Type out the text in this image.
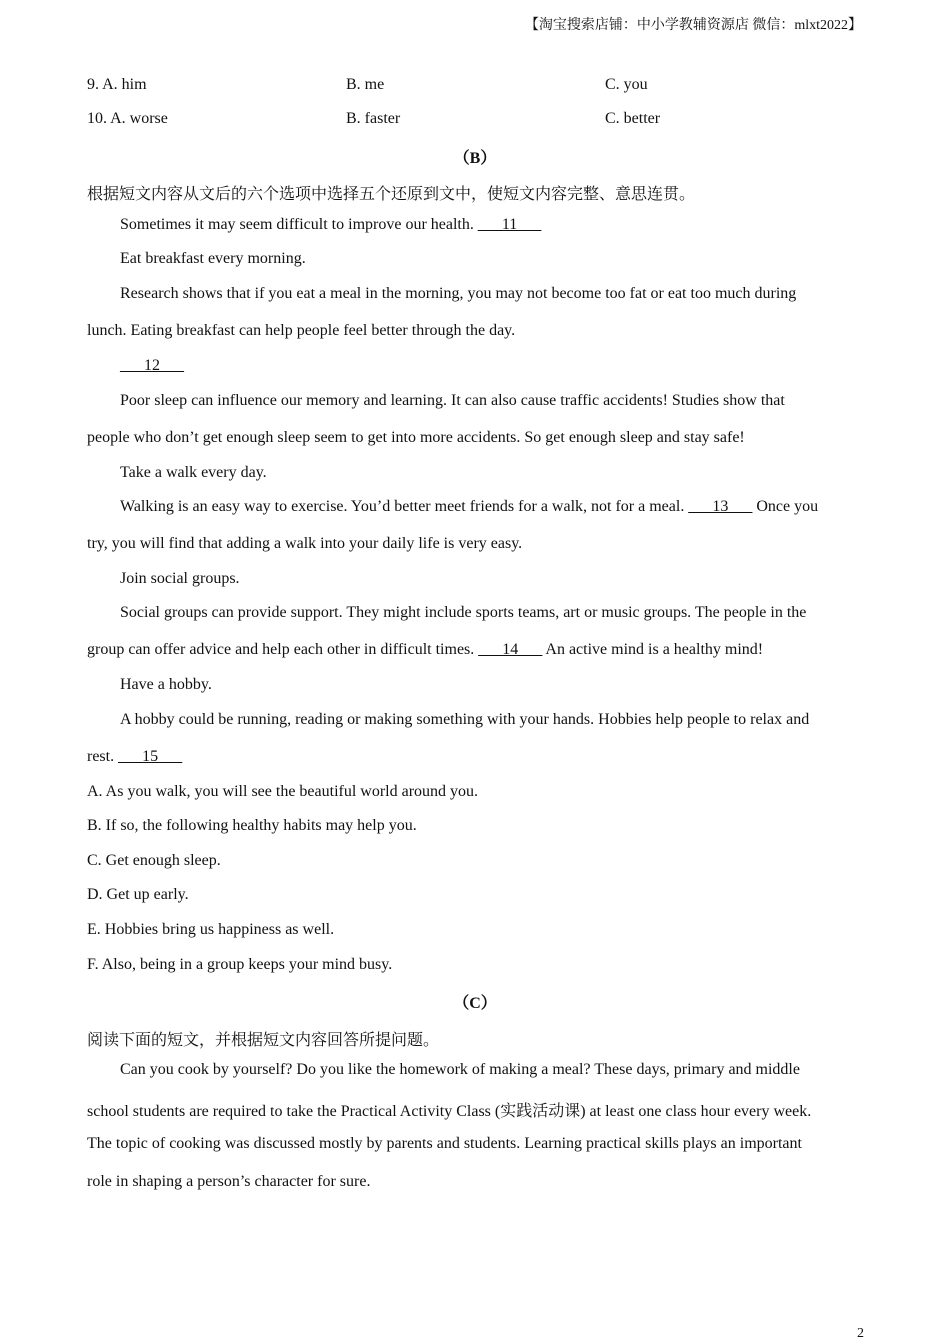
【淘宝搜索店铺：中小学教辅资源店 微信：mlxt2022】
9. A. him	B. me	C. you
10. A. worse	B. faster	C. better
（B）
根据短文内容从文后的六个选项中选择五个还原到文中，使短文内容完整、意思连贯。
Sometimes it may seem difficult to improve our health. ___11___
Eat breakfast every morning.
Research shows that if you eat a meal in the morning, you may not become too fat or eat too much during
lunch. Eating breakfast can help people feel better through the day.
___12___
Poor sleep can influence our memory and learning. It can also cause traffic accidents! Studies show that
people who don’t get enough sleep seem to get into more accidents. So get enough sleep and stay safe!
Take a walk every day.
Walking is an easy way to exercise. You’d better meet friends for a walk, not for a meal. ___13___ Once you
try, you will find that adding a walk into your daily life is very easy.
Join social groups.
Social groups can provide support. They might include sports teams, art or music groups. The people in the
group can offer advice and help each other in difficult times. ___14___ An active mind is a healthy mind!
Have a hobby.
A hobby could be running, reading or making something with your hands. Hobbies help people to relax and
rest. ___15___
A. As you walk, you will see the beautiful world around you.
B. If so, the following healthy habits may help you.
C. Get enough sleep.
D. Get up early.
E. Hobbies bring us happiness as well.
F. Also, being in a group keeps your mind busy.
（C）
阅读下面的短文，并根据短文内容回答所提问题。
Can you cook by yourself? Do you like the homework of making a meal? These days, primary and middle
school students are required to take the Practical Activity Class (实践活动课) at least one class hour every week.
The topic of cooking was discussed mostly by parents and students. Learning practical skills plays an important
role in shaping a person’s character for sure.
2
